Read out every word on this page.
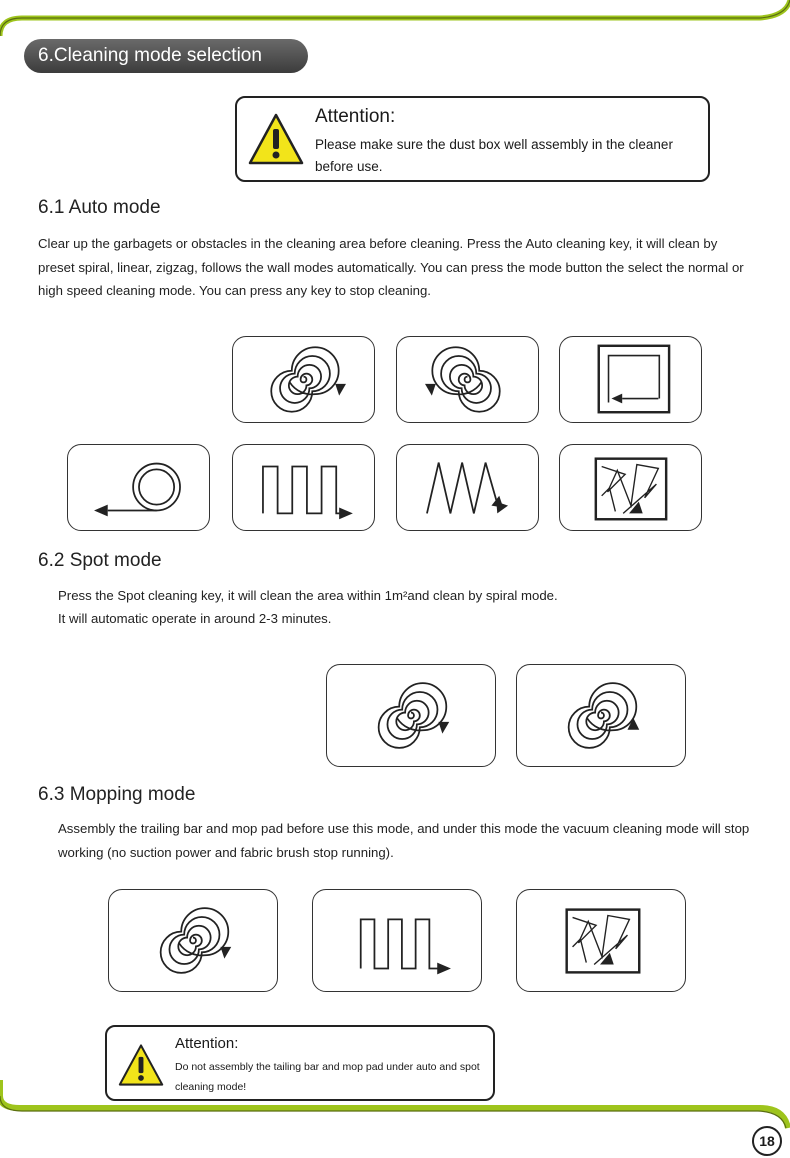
6.Cleaning mode selection
Attention:
Please make sure the dust box well assembly in the cleaner before use.
6.1 Auto mode
Clear up the garbagets or obstacles in the cleaning area before cleaning. Press the Auto cleaning key, it will clean by preset spiral, linear, zigzag, follows the wall modes automatically. You can press the mode button the select the normal or high speed cleaning mode. You can press any key to stop cleaning.
6.2 Spot mode
Press the Spot cleaning key, it will clean the area within 1m²and clean by spiral mode.
It will automatic operate in around 2-3 minutes.
6.3 Mopping mode
Assembly the trailing bar and mop pad before use this mode, and under this mode the vacuum cleaning mode will stop working (no suction power and fabric brush stop running).
Attention:
Do not assembly the tailing bar and mop pad under auto and spot cleaning mode!
18
